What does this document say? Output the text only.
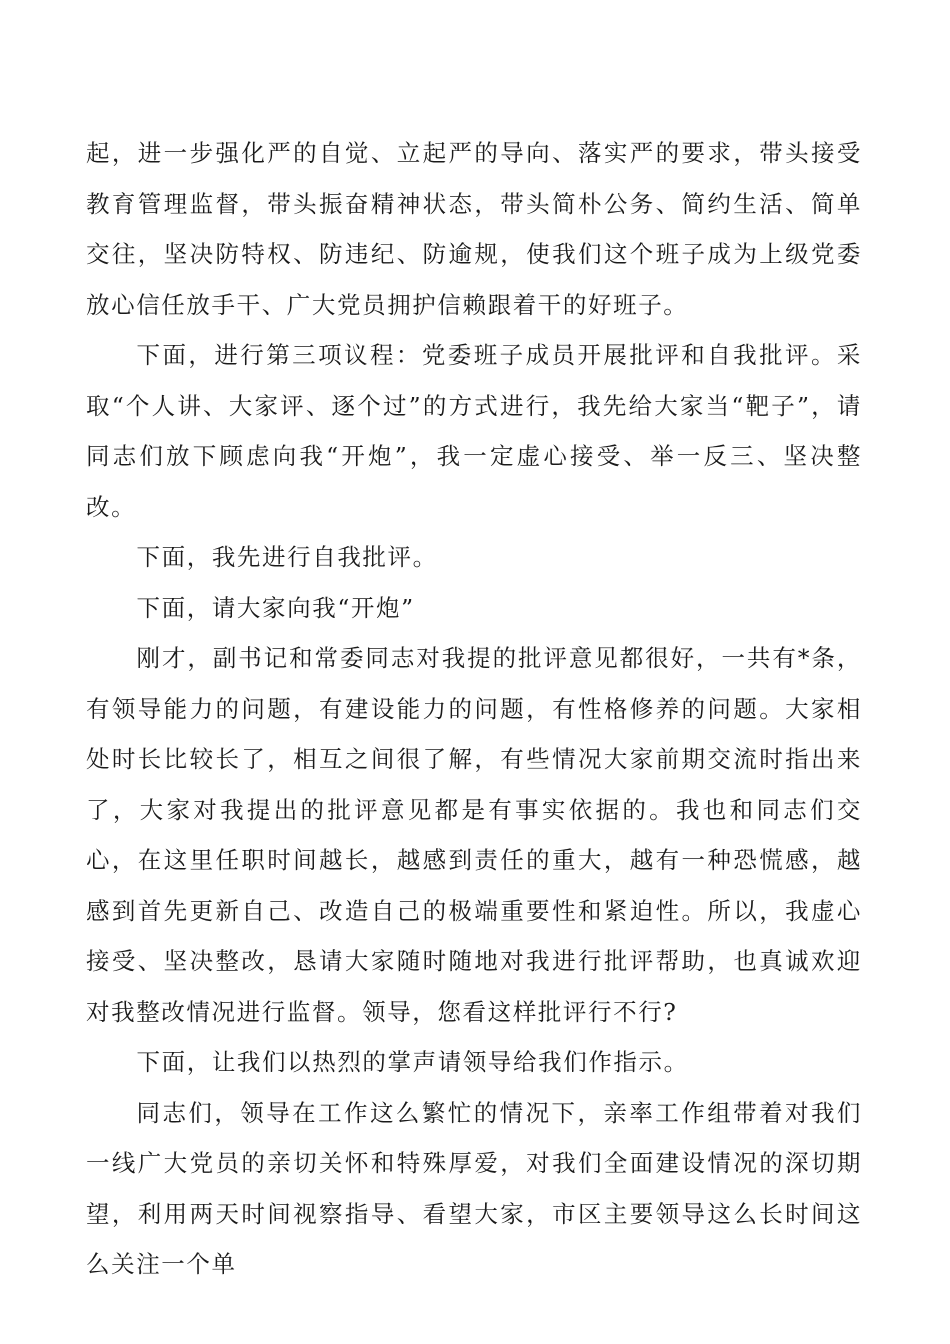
起，进一步强化严的自觉、立起严的导向、落实严的要求，带头接受教育管理监督，带头振奋精神状态，带头简朴公务、简约生活、简单交往，坚决防特权、防违纪、防逾规，使我们这个班子成为上级党委放心信任放手干、广大党员拥护信赖跟着干的好班子。

下面，进行第三项议程：党委班子成员开展批评和自我批评。采取“个人讲、大家评、逐个过”的方式进行，我先给大家当“靶子”，请同志们放下顾虑向我“开炮”，我一定虚心接受、举一反三、坚决整改。

下面，我先进行自我批评。

下面，请大家向我“开炮”

刚才，副书记和常委同志对我提的批评意见都很好，一共有*条，有领导能力的问题，有建设能力的问题，有性格修养的问题。大家相处时长比较长了，相互之间很了解，有些情况大家前期交流时指出来了，大家对我提出的批评意见都是有事实依据的。我也和同志们交心，在这里任职时间越长，越感到责任的重大，越有一种恐慌感，越感到首先更新自己、改造自己的极端重要性和紧迫性。所以，我虚心接受、坚决整改，恳请大家随时随地对我进行批评帮助，也真诚欢迎对我整改情况进行监督。领导，您看这样批评行不行?

下面，让我们以热烈的掌声请领导给我们作指示。

同志们，领导在工作这么繁忙的情况下，亲率工作组带着对我们一线广大党员的亲切关怀和特殊厚爱，对我们全面建设情况的深切期望，利用两天时间视察指导、看望大家，市区主要领导这么长时间这么关注一个单
